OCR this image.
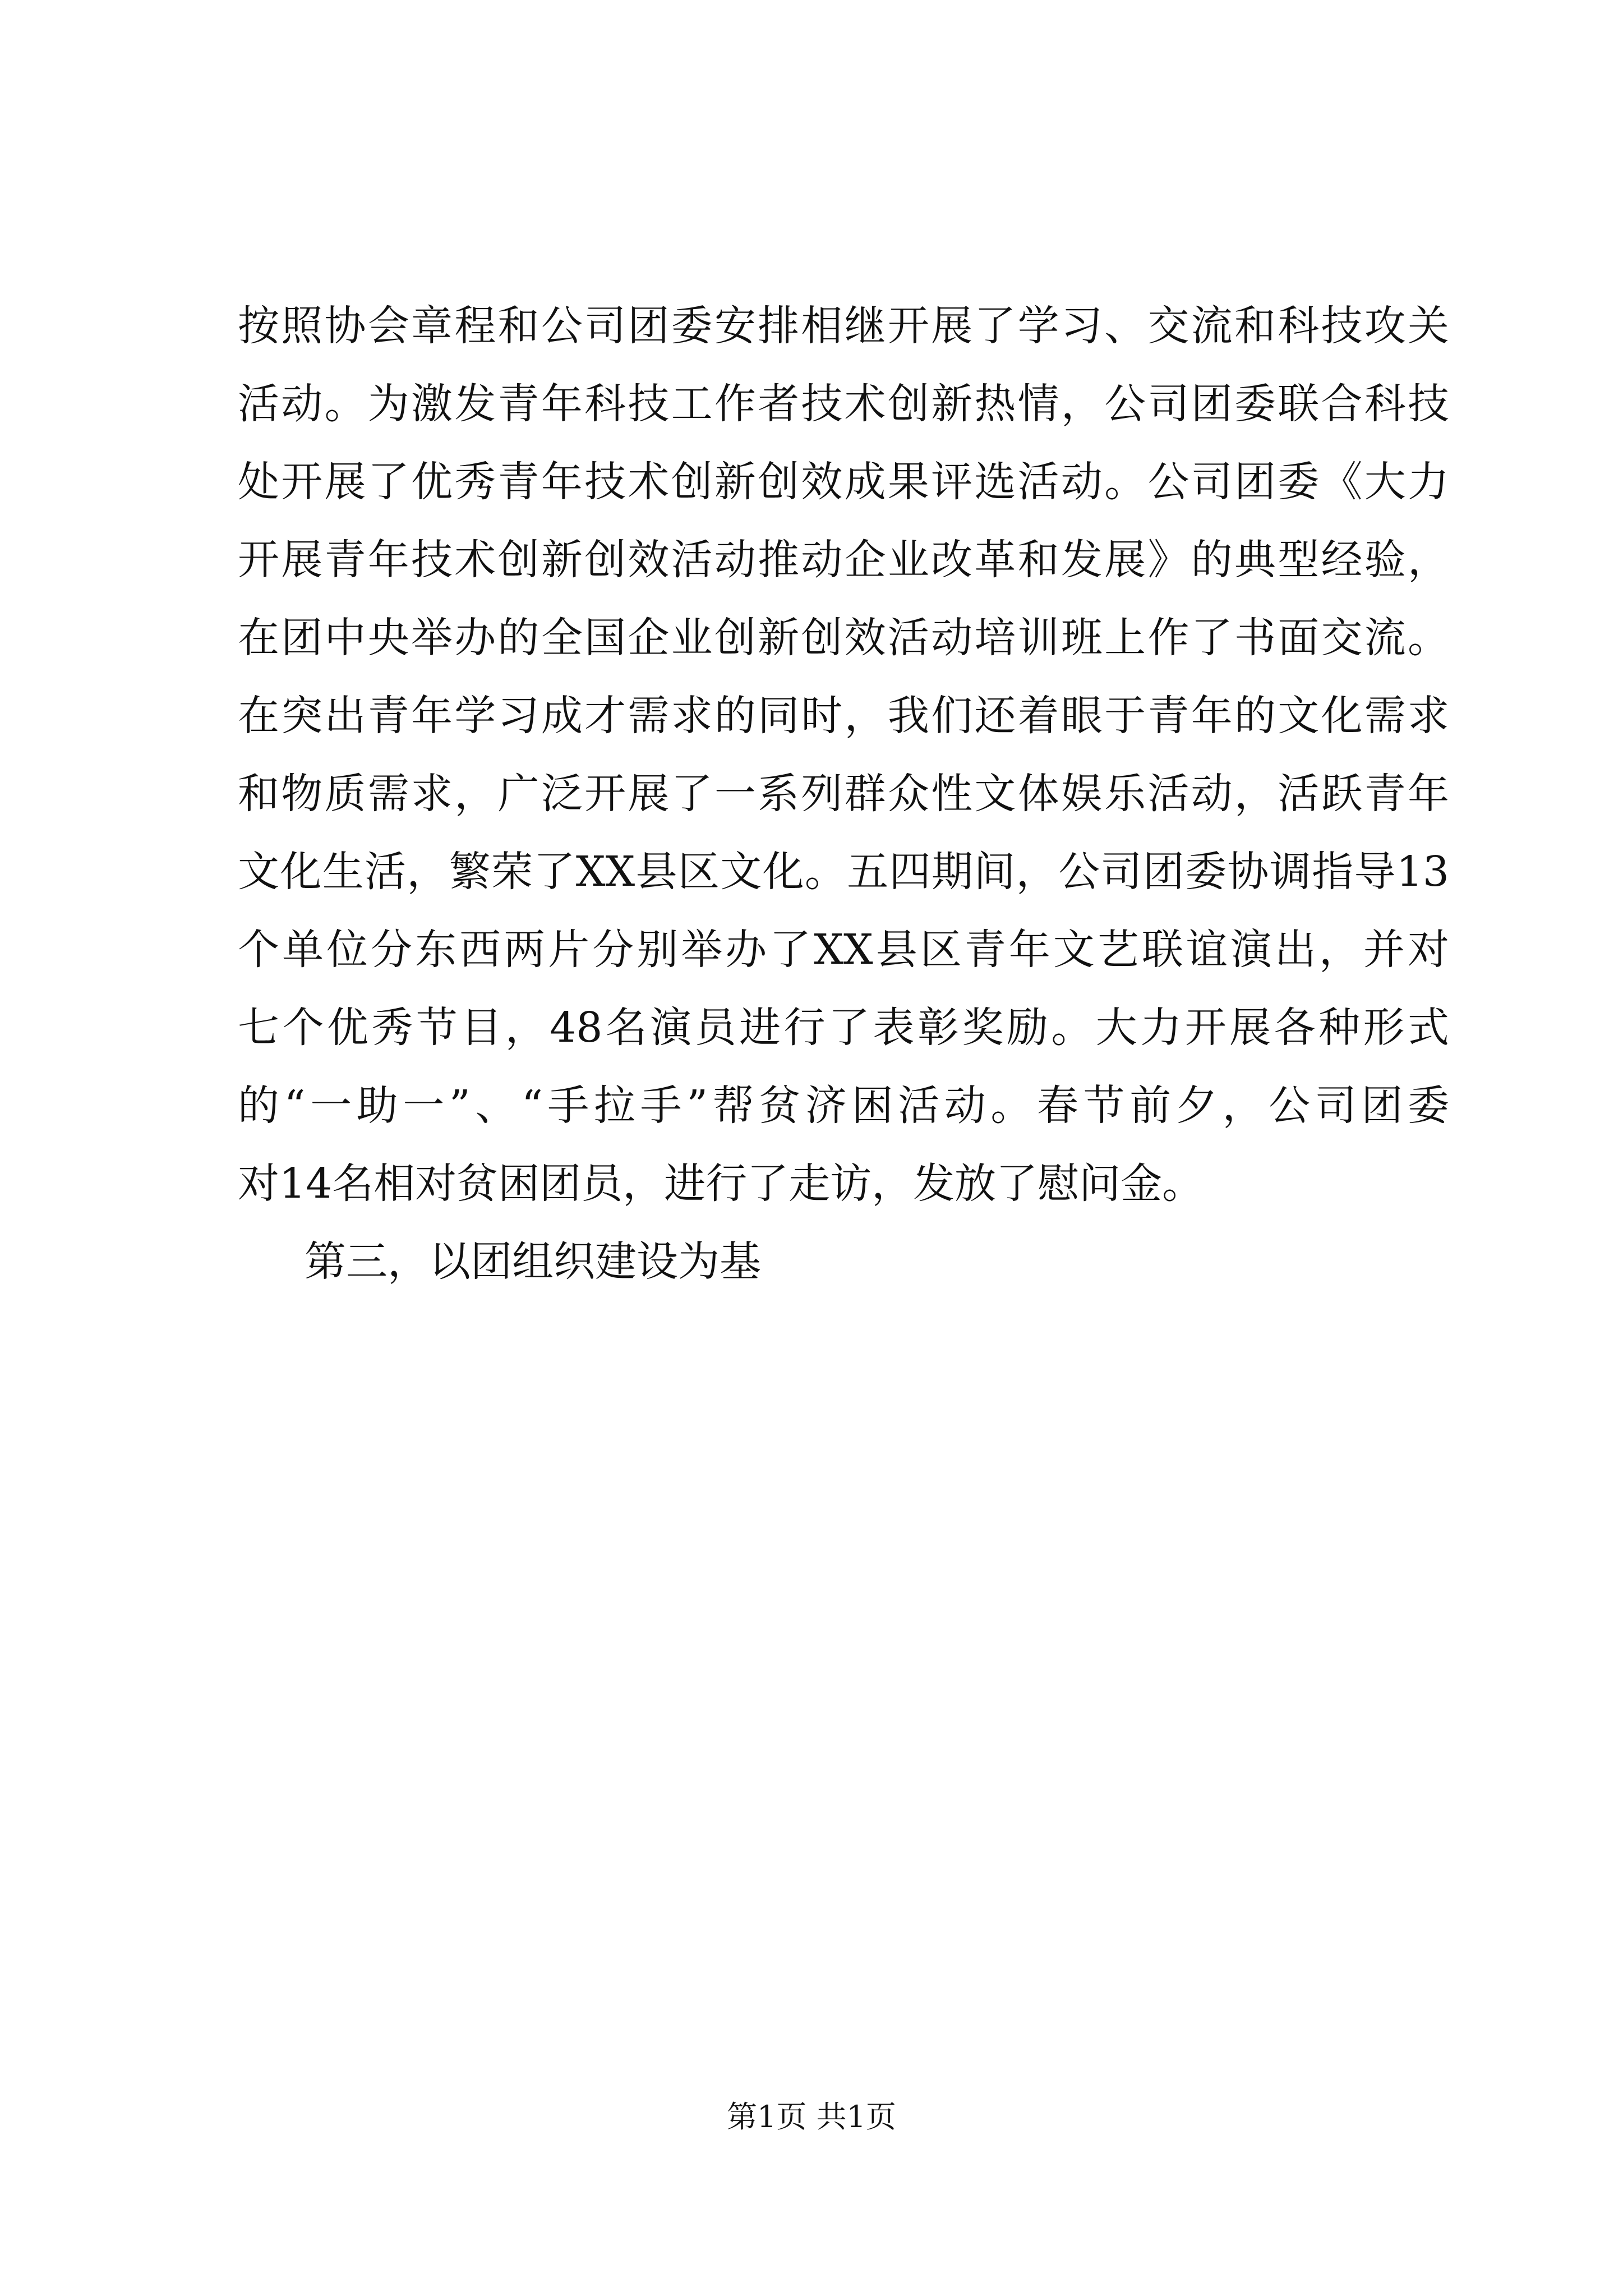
按照协会章程和公司团委安排相继开展了学习、交流和科技攻关
活动。为激发青年科技工作者技术创新热情，公司团委联合科技
处开展了优秀青年技术创新创效成果评选活动。公司团委《大力
开展青年技术创新创效活动推动企业改革和发展》的典型经验，
在团中央举办的全国企业创新创效活动培训班上作了书面交流。
在突出青年学习成才需求的同时，我们还着眼于青年的文化需求
和物质需求，广泛开展了一系列群众性文体娱乐活动，活跃青年
文化生活，繁荣了XX县区文化。五四期间，公司团委协调指导13
个单位分东西两片分别举办了XX县区青年文艺联谊演出，并对
七个优秀节目，48名演员进行了表彰奖励。大力开展各种形式
的“一助一”、“手拉手”帮贫济困活动。春节前夕，公司团委
对14名相对贫困团员，进行了走访，发放了慰问金。
第三，以团组织建设为基
第1页 共1页
